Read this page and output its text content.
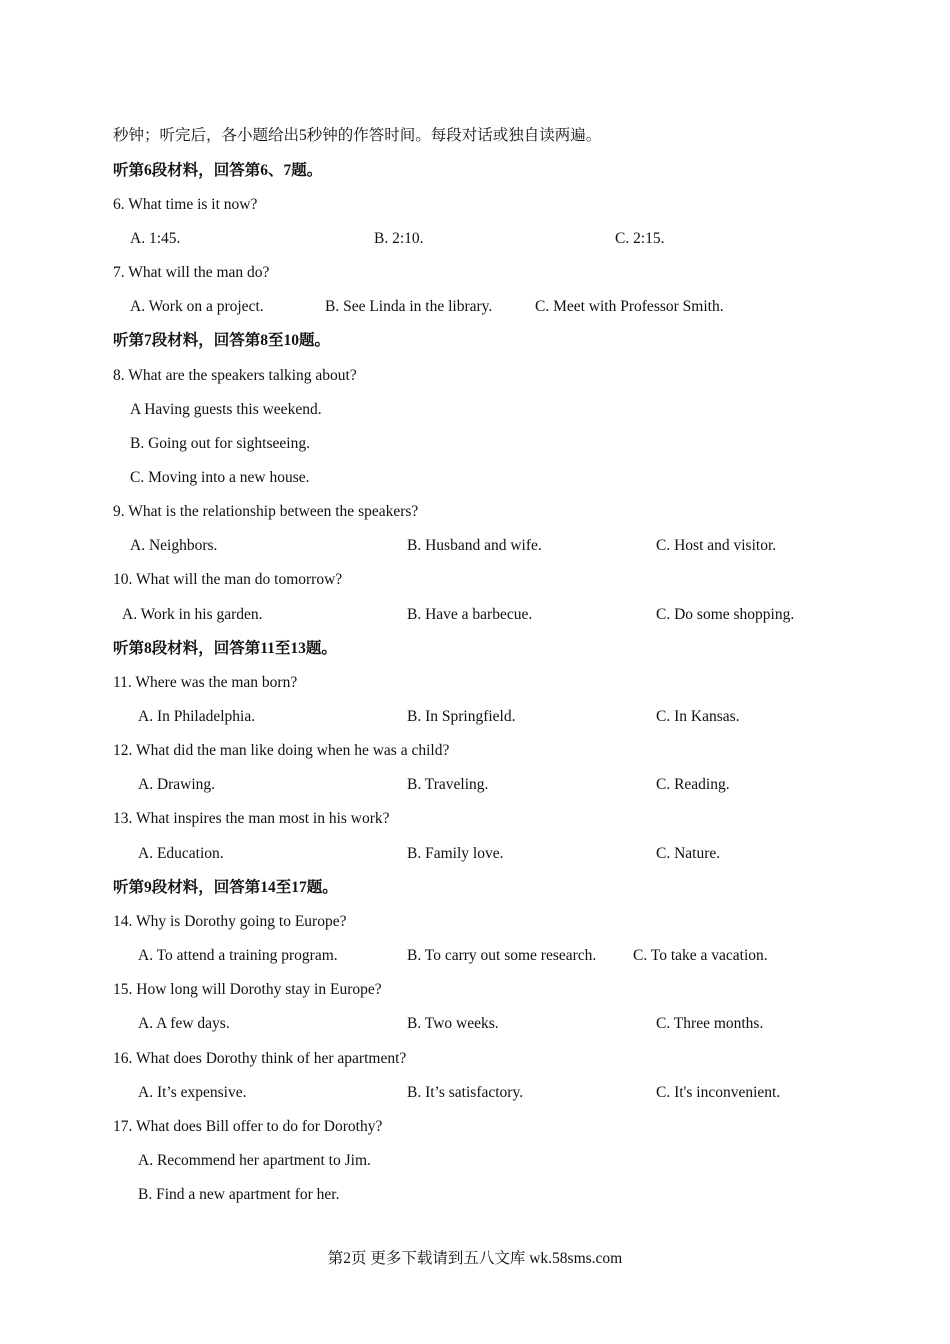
秒钟；听完后，各小题给出5秒钟的作答时间。每段对话或独自读两遍。
听第6段材料，回答第6、7题。
6. What time is it now?
A. 1:45.	B. 2:10.	C. 2:15.
7. What will the man do?
A. Work on a project.	B. See Linda in the library.	C. Meet with Professor Smith.
听第7段材料，回答第8至10题。
8. What are the speakers talking about?
A Having guests this weekend.
B. Going out for sightseeing.
C. Moving into a new house.
9. What is the relationship between the speakers?
A. Neighbors.	B. Husband and wife.	C. Host and visitor.
10. What will the man do tomorrow?
A. Work in his garden.	B. Have a barbecue.	C. Do some shopping.
听第8段材料，回答第11至13题。
11. Where was the man born?
A. In Philadelphia.	B. In Springfield.	C. In Kansas.
12. What did the man like doing when he was a child?
A. Drawing.	B. Traveling.	C. Reading.
13. What inspires the man most in his work?
A. Education.	B. Family love.	C. Nature.
听第9段材料，回答第14至17题。
14. Why is Dorothy going to Europe?
A. To attend a training program.	B. To carry out some research. C. To take a vacation.
15. How long will Dorothy stay in Europe?
A. A few days.	B. Two weeks.	C. Three months.
16. What does Dorothy think of her apartment?
A. It’s expensive.	B. It’s satisfactory.	C. It's inconvenient.
17. What does Bill offer to do for Dorothy?
A. Recommend her apartment to Jim.
B. Find a new apartment for her.
第2页 更多下载请到五八文库 wk.58sms.com
